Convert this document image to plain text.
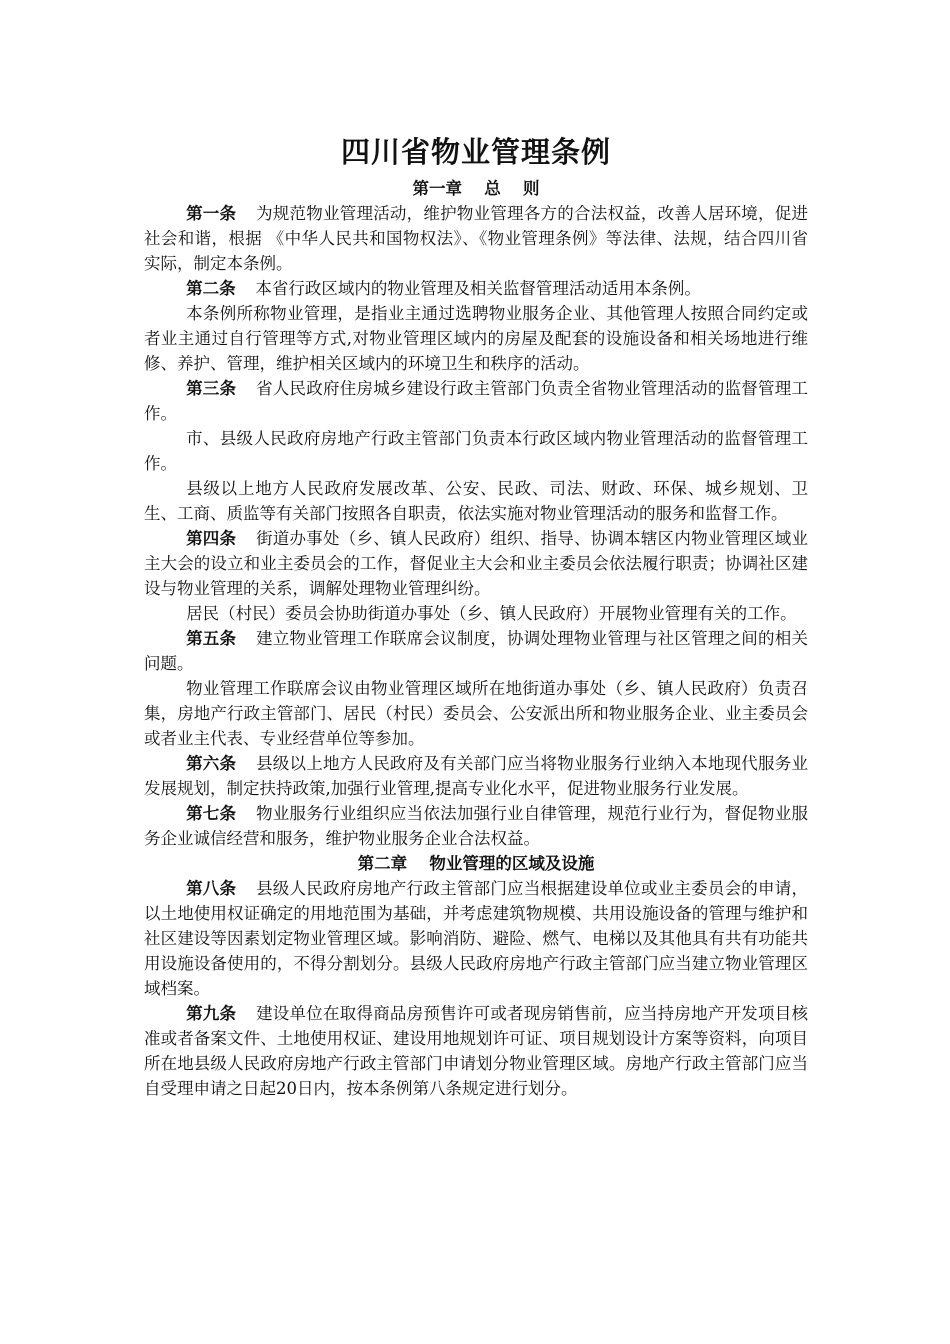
四川省物业管理条例

第一章　 总　 则

第一条 为规范物业管理活动，维护物业管理各方的合法权益，改善人居环境，促进社会和谐，根据 《中华人民共和国物权法》、《物业管理条例》等法律、法规，结合四川省实际，制定本条例。

第二条 本省行政区域内的物业管理及相关监督管理活动适用本条例。

本条例所称物业管理，是指业主通过选聘物业服务企业、其他管理人按照合同约定或者业主通过自行管理等方式,对物业管理区域内的房屋及配套的设施设备和相关场地进行维修、养护、管理，维护相关区域内的环境卫生和秩序的活动。

第三条 省人民政府住房城乡建设行政主管部门负责全省物业管理活动的监督管理工作。

市、县级人民政府房地产行政主管部门负责本行政区域内物业管理活动的监督管理工作。

县级以上地方人民政府发展改革、公安、民政、司法、财政、环保、城乡规划、卫生、工商、质监等有关部门按照各自职责，依法实施对物业管理活动的服务和监督工作。

第四条 街道办事处（乡、镇人民政府）组织、指导、协调本辖区内物业管理区域业主大会的设立和业主委员会的工作，督促业主大会和业主委员会依法履行职责；协调社区建设与物业管理的关系，调解处理物业管理纠纷。

居民（村民）委员会协助街道办事处（乡、镇人民政府）开展物业管理有关的工作。

第五条 建立物业管理工作联席会议制度，协调处理物业管理与社区管理之间的相关问题。

物业管理工作联席会议由物业管理区域所在地街道办事处（乡、镇人民政府）负责召集，房地产行政主管部门、居民（村民）委员会、公安派出所和物业服务企业、业主委员会或者业主代表、专业经营单位等参加。

第六条 县级以上地方人民政府及有关部门应当将物业服务行业纳入本地现代服务业发展规划，制定扶持政策,加强行业管理,提高专业化水平，促进物业服务行业发展。

第七条 物业服务行业组织应当依法加强行业自律管理，规范行业行为，督促物业服务企业诚信经营和服务，维护物业服务企业合法权益。

第二章　 物业管理的区域及设施

第八条 县级人民政府房地产行政主管部门应当根据建设单位或业主委员会的申请，以土地使用权证确定的用地范围为基础，并考虑建筑物规模、共用设施设备的管理与维护和社区建设等因素划定物业管理区域。影响消防、避险、燃气、电梯以及其他具有共有功能共用设施设备使用的，不得分割划分。县级人民政府房地产行政主管部门应当建立物业管理区域档案。

第九条 建设单位在取得商品房预售许可或者现房销售前，应当持房地产开发项目核准或者备案文件、土地使用权证、建设用地规划许可证、项目规划设计方案等资料，向项目所在地县级人民政府房地产行政主管部门申请划分物业管理区域。房地产行政主管部门应当自受理申请之日起20日内，按本条例第八条规定进行划分。
